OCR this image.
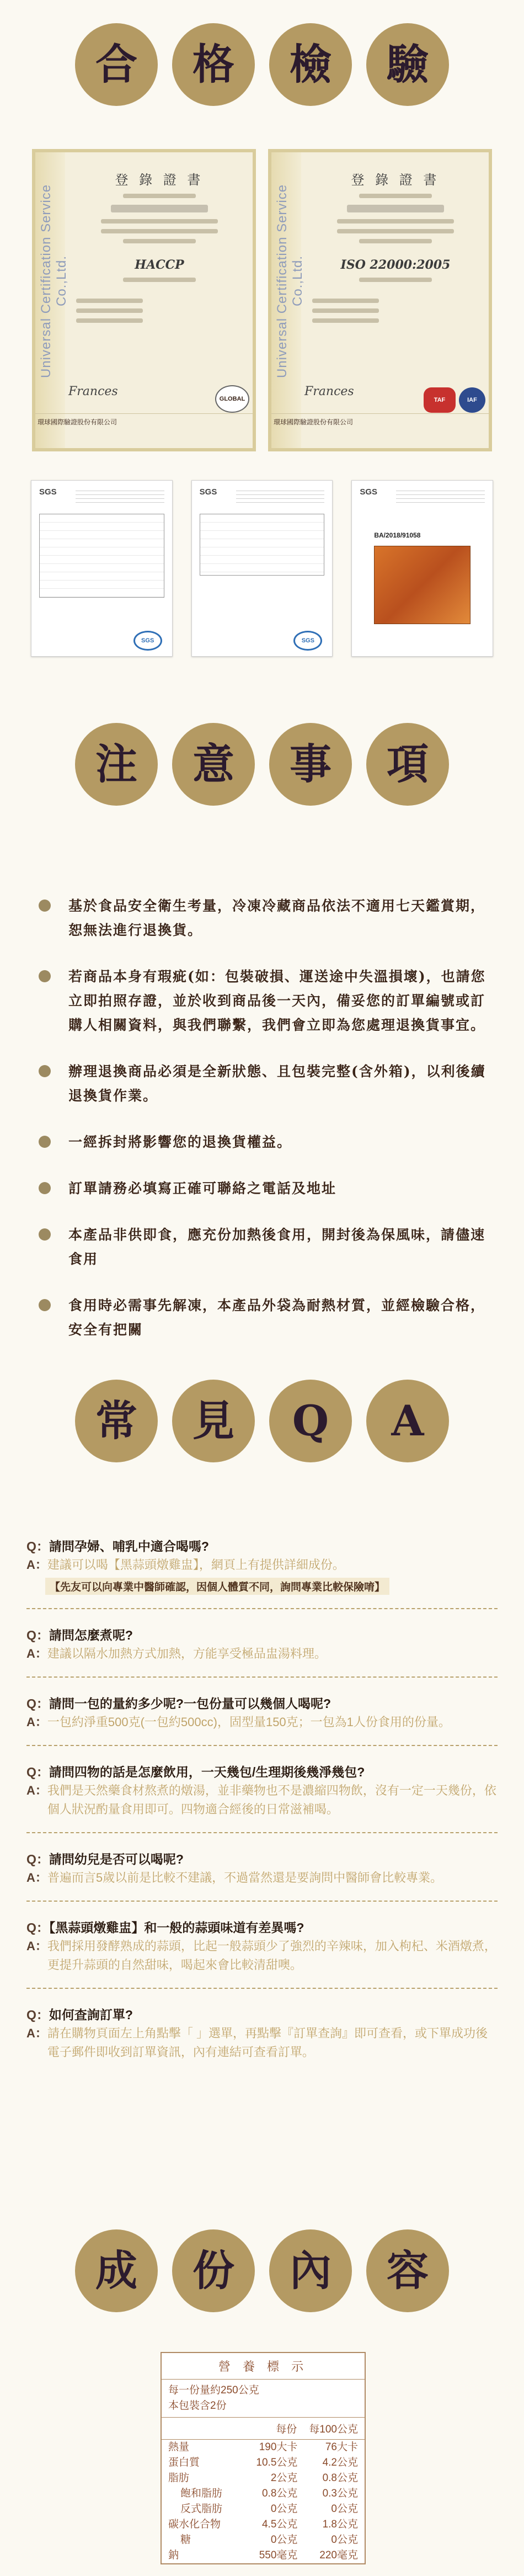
合 格 檢 驗
Universal Certification Service Co.,Ltd.
登 錄 證 書
HACCP
Frances
GLOBAL
環球國際驗證股份有限公司
Universal Certification Service Co.,Ltd.
登 錄 證 書
ISO 22000:2005
Frances
TAF	IAF
環球國際驗證股份有限公司
SGS
SGS
SGS
SGS
SGS
BA/2018/91058
注 意 事 項

基於食品安全衛生考量，冷凍冷藏商品依法不適用七天鑑賞期，恕無法進行退換貨。

若商品本身有瑕疵(如：包裝破損、運送途中失溫損壞)，也請您立即拍照存證，並於收到商品後一天內，備妥您的訂單編號或訂購人相關資料，與我們聯繫，我們會立即為您處理退換貨事宜。

辦理退換商品必須是全新狀態、且包裝完整(含外箱)，以利後續退換貨作業。

一經拆封將影響您的退換貨權益。

訂單請務必填寫正確可聯絡之電話及地址

本產品非供即食，應充份加熱後食用，開封後為保風味，請儘速食用

食用時必需事先解凍，本產品外袋為耐熱材質，並經檢驗合格，安全有把關

常 見 Q A
Q：請問孕婦、哺乳中適合喝嗎?
A：建議可以喝【黑蒜頭燉雞盅】，網頁上有提供詳細成份。
【先友可以向專業中醫師確認，因個人體質不同，詢問專業比較保險唷】
Q：請問怎麼煮呢?
A：建議以隔水加熱方式加熱，方能享受極品盅湯料理。
Q：請問一包的量約多少呢?一包份量可以幾個人喝呢?
A： 一包約淨重500克(一包約500cc)，固型量150克；一包為1人份食用的份量。
Q：請問四物的話是怎麼飲用，一天幾包/生理期後幾淨幾包?
A： 我們是天然藥食材熬煮的燉湯，並非藥物也不是濃縮四物飲，沒有一定一天幾份，依個人狀況酌量食用即可。四物適合經後的日常滋補喝。
Q：請問幼兒是否可以喝呢?
A： 普遍而言5歲以前是比較不建議，不過當然還是要詢問中醫師會比較專業。
Q：【黑蒜頭燉雞盅】和一般的蒜頭味道有差異嗎?
A： 我們採用發酵熟成的蒜頭，比起一般蒜頭少了強烈的辛辣味，加入枸杞、米酒燉煮，更提升蒜頭的自然甜味，喝起來會比較清甜噢。
Q：如何查詢訂單?
A： 請在購物頁面左上角點擊「 」選單，再點擊『訂單查詢』即可查看，或下單成功後電子郵件即收到訂單資訊，內有連結可查看訂單。
成 份 內 容
營 養 標 示
每一份量約250公克
本包裝含2份
每份 每100公克
熱量	190大卡	76大卡
蛋白質	10.5公克	4.2公克
脂肪	2公克	0.8公克
飽和脂肪	0.8公克	0.3公克
反式脂肪	0公克	0公克
碳水化合物	4.5公克	1.8公克
糖	0公克	0公克
鈉	550毫克	220毫克
